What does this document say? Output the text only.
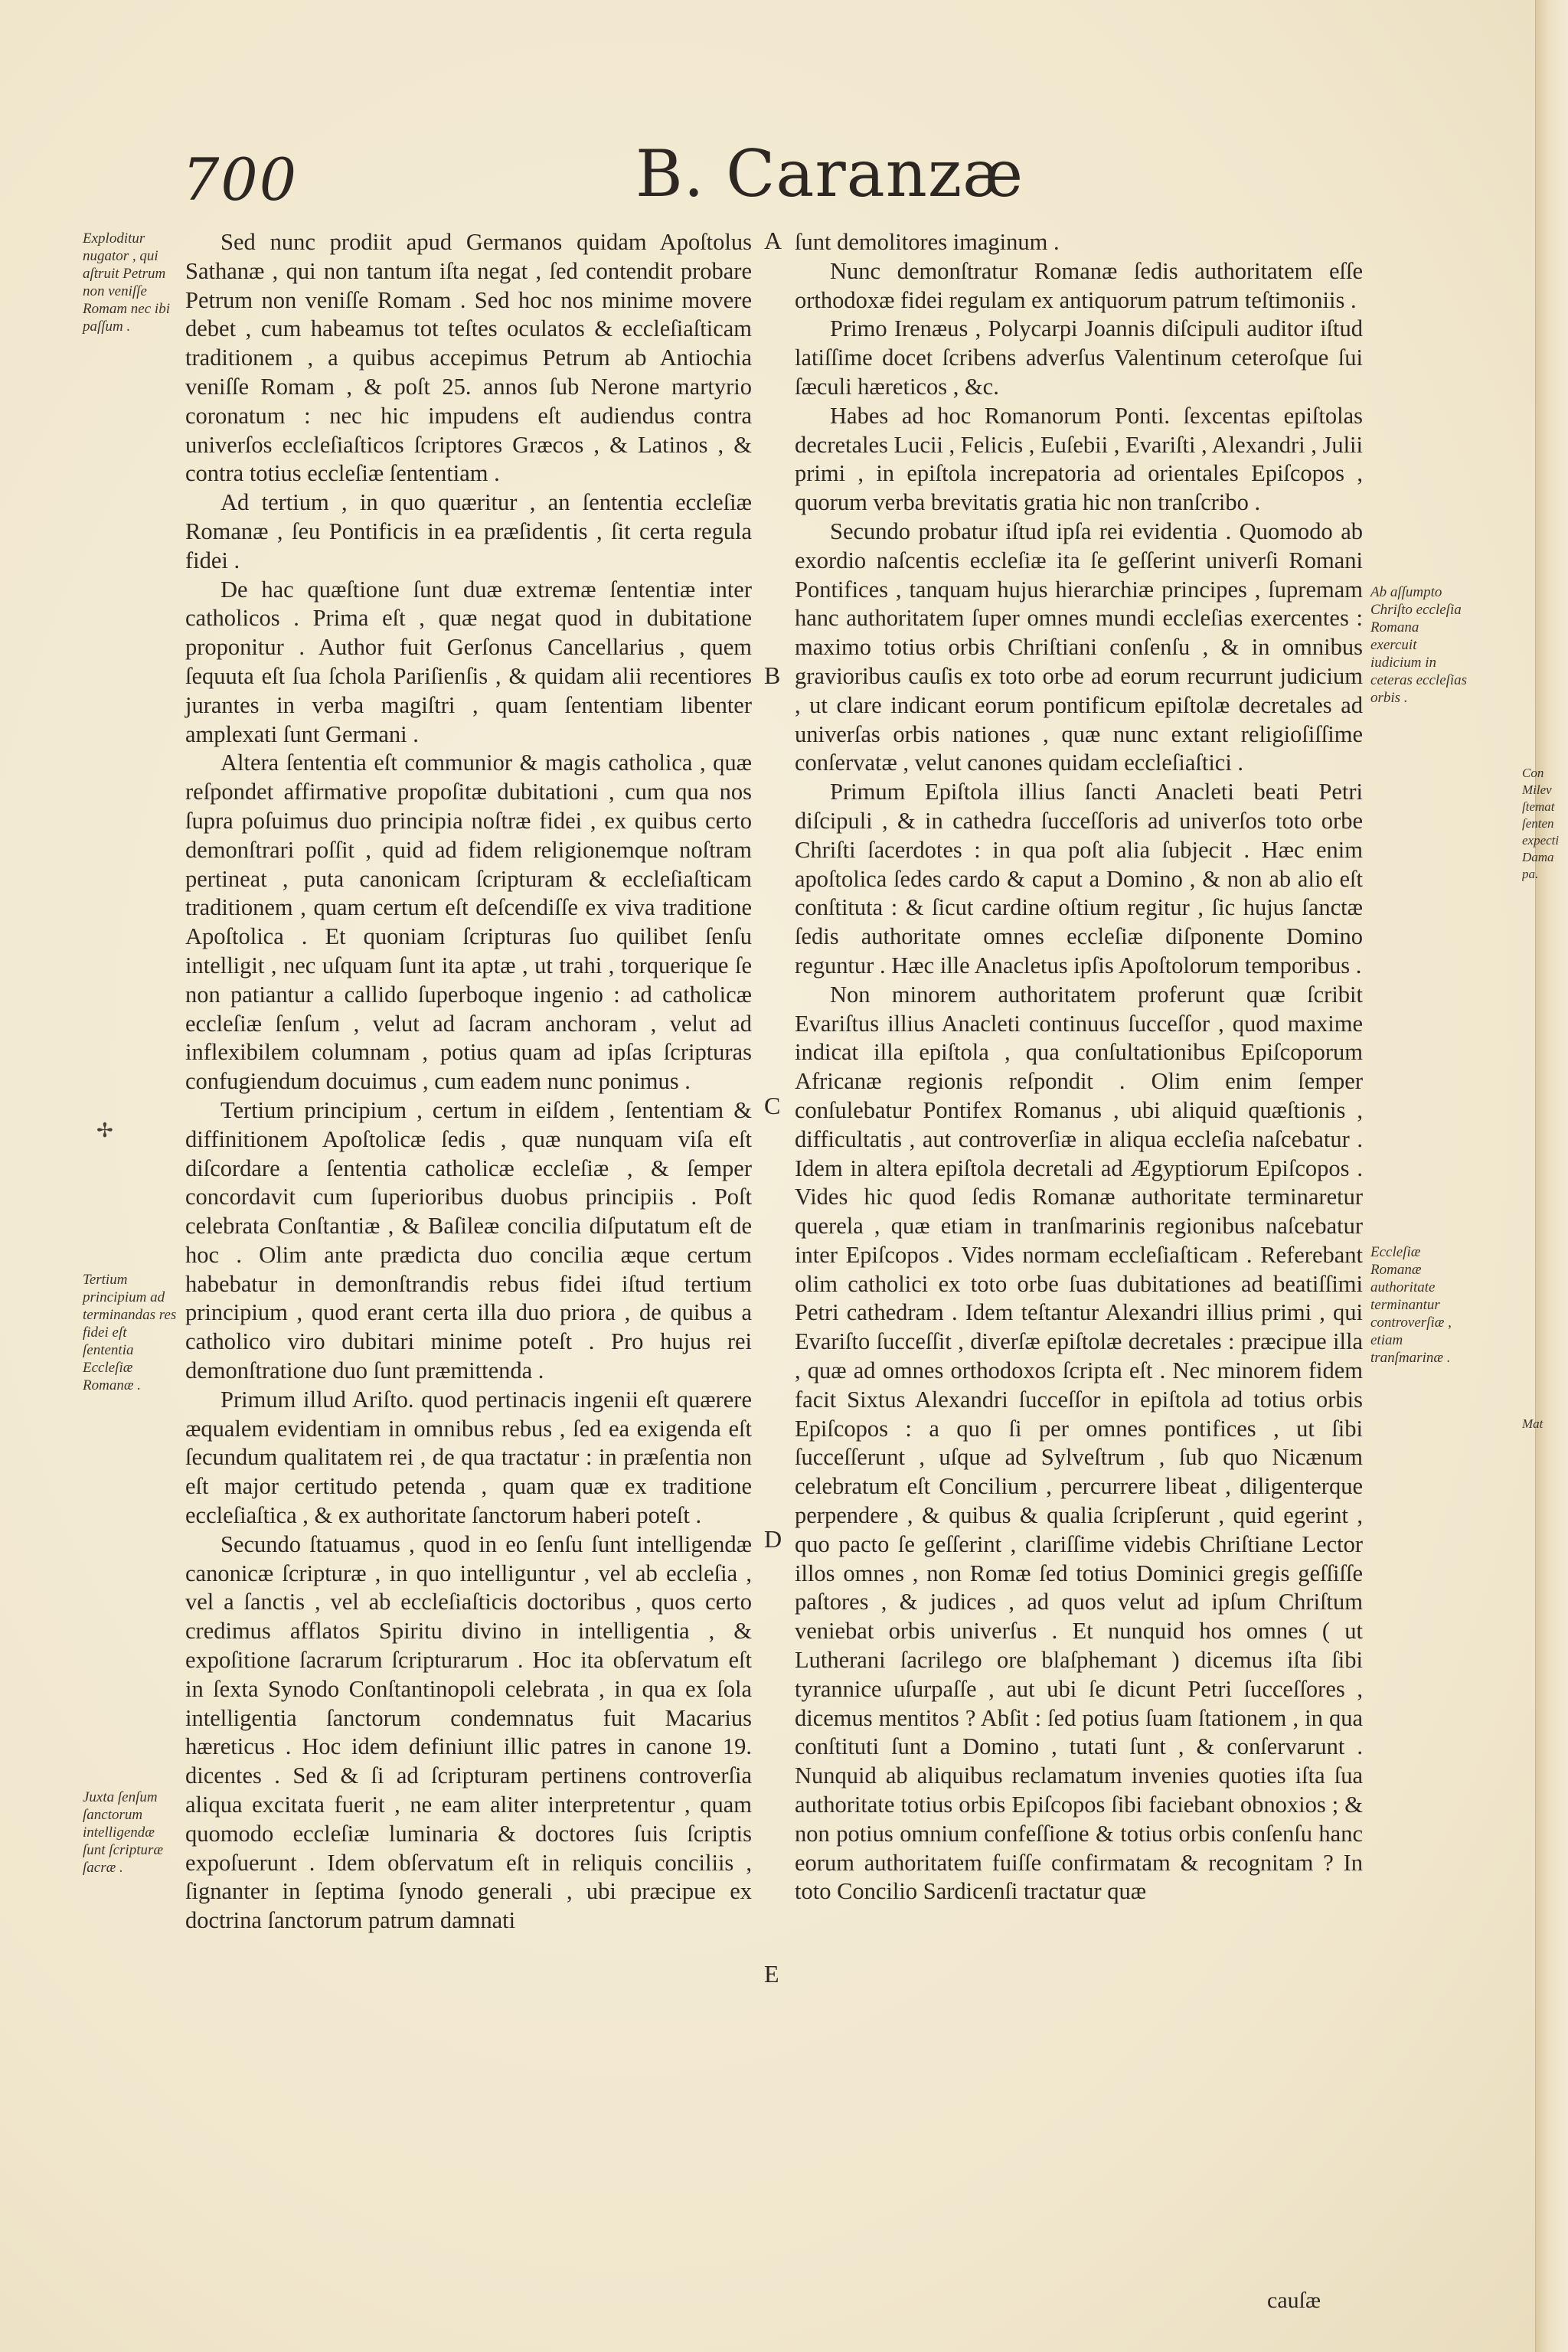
700	B. Caranzæ
Exploditur nugator , qui aſtruit Petrum non veniſſe Romam nec ibi paſſum .
Tertium principium ad terminandas res fidei eſt ſententia Eccleſiæ Romanæ .
Juxta ſenſum ſanctorum intelligendæ ſunt ſcripturæ ſacræ .
✢
A
B
C
D
E

Sed nunc prodiit apud Germanos quidam Apoſtolus Sathanæ , qui non tantum iſta negat , ſed contendit probare Petrum non veniſſe Romam . Sed hoc nos minime movere debet , cum habeamus tot teſtes oculatos & eccleſiaſticam traditionem , a quibus accepimus Petrum ab Antiochia veniſſe Romam , & poſt 25. annos ſub Nerone martyrio coronatum : nec hic impudens eſt audiendus contra univerſos eccleſiaſticos ſcriptores Græcos , & Latinos , & contra totius eccleſiæ ſententiam .

Ad tertium , in quo quæritur , an ſententia eccleſiæ Romanæ , ſeu Pontificis in ea præſidentis , ſit certa regula fidei .

De hac quæſtione ſunt duæ extremæ ſententiæ inter catholicos . Prima eſt , quæ negat quod in dubitatione proponitur . Author fuit Gerſonus Cancellarius , quem ſequuta eſt ſua ſchola Pariſienſis , & quidam alii recentiores jurantes in verba magiſtri , quam ſententiam libenter amplexati ſunt Germani .

Altera ſententia eſt communior & magis catholica , quæ reſpondet affirmative propoſitæ dubitationi , cum qua nos ſupra poſuimus duo principia noſtræ fidei , ex quibus certo demonſtrari poſſit , quid ad fidem religionemque noſtram pertineat , puta canonicam ſcripturam & eccleſiaſticam traditionem , quam certum eſt deſcendiſſe ex viva traditione Apoſtolica . Et quoniam ſcripturas ſuo quilibet ſenſu intelligit , nec uſquam ſunt ita aptæ , ut trahi , torquerique ſe non patiantur a callido ſuperboque ingenio : ad catholicæ eccleſiæ ſenſum , velut ad ſacram anchoram , velut ad inflexibilem columnam , potius quam ad ipſas ſcripturas confugiendum docuimus , cum eadem nunc ponimus .

Tertium principium , certum in eiſdem , ſententiam & diffinitionem Apoſtolicæ ſedis , quæ nunquam viſa eſt diſcordare a ſententia catholicæ eccleſiæ , & ſemper concordavit cum ſuperioribus duobus principiis . Poſt celebrata Conſtantiæ , & Baſileæ concilia diſputatum eſt de hoc . Olim ante prædicta duo concilia æque certum habebatur in demonſtrandis rebus fidei iſtud tertium principium , quod erant certa illa duo priora , de quibus a catholico viro dubitari minime poteſt . Pro hujus rei demonſtratione duo ſunt præmittenda .

Primum illud Ariſto. quod pertinacis ingenii eſt quærere æqualem evidentiam in omnibus rebus , ſed ea exigenda eſt ſecundum qualitatem rei , de qua tractatur : in præſentia non eſt major certitudo petenda , quam quæ ex traditione eccleſiaſtica , & ex authoritate ſanctorum haberi poteſt .

Secundo ſtatuamus , quod in eo ſenſu ſunt intelligendæ canonicæ ſcripturæ , in quo intelliguntur , vel ab eccleſia , vel a ſanctis , vel ab eccleſiaſticis doctoribus , quos certo credimus afflatos Spiritu divino in intelligentia , & expoſitione ſacrarum ſcripturarum . Hoc ita obſervatum eſt in ſexta Synodo Conſtantinopoli celebrata , in qua ex ſola intelligentia ſanctorum condemnatus fuit Macarius hæreticus . Hoc idem definiunt illic patres in canone 19. dicentes . Sed & ſi ad ſcripturam pertinens controverſia aliqua excitata fuerit , ne eam aliter interpretentur , quam quomodo eccleſiæ luminaria & doctores ſuis ſcriptis expoſuerunt . Idem obſervatum eſt in reliquis conciliis , ſignanter in ſeptima ſynodo generali , ubi præcipue ex doctrina ſanctorum patrum damnati

ſunt demolitores imaginum .

Nunc demonſtratur Romanæ ſedis authoritatem eſſe orthodoxæ fidei regulam ex antiquorum patrum teſtimoniis .

Primo Irenæus , Polycarpi Joannis diſcipuli auditor iſtud latiſſime docet ſcribens adverſus Valentinum ceteroſque ſui ſæculi hæreticos , &c.

Habes ad hoc Romanorum Ponti. ſexcentas epiſtolas decretales Lucii , Felicis , Euſebii , Evariſti , Alexandri , Julii primi , in epiſtola increpatoria ad orientales Epiſcopos , quorum verba brevitatis gratia hic non tranſcribo .

Secundo probatur iſtud ipſa rei evidentia . Quomodo ab exordio naſcentis eccleſiæ ita ſe geſſerint univerſi Romani Pontifices , tanquam hujus hierarchiæ principes , ſupremam hanc authoritatem ſuper omnes mundi eccleſias exercentes : maximo totius orbis Chriſtiani conſenſu , & in omnibus gravioribus cauſis ex toto orbe ad eorum recurrunt judicium , ut clare indicant eorum pontificum epiſtolæ decretales ad univerſas orbis nationes , quæ nunc extant religioſiſſime conſervatæ , velut canones quidam eccleſiaſtici .

Primum Epiſtola illius ſancti Anacleti beati Petri diſcipuli , & in cathedra ſucceſſoris ad univerſos toto orbe Chriſti ſacerdotes : in qua poſt alia ſubjecit . Hæc enim apoſtolica ſedes cardo & caput a Domino , & non ab alio eſt conſtituta : & ſicut cardine oſtium regitur , ſic hujus ſanctæ ſedis authoritate omnes eccleſiæ diſponente Domino reguntur . Hæc ille Anacletus ipſis Apoſtolorum temporibus .

Non minorem authoritatem proferunt quæ ſcribit Evariſtus illius Anacleti continuus ſucceſſor , quod maxime indicat illa epiſtola , qua conſultationibus Epiſcoporum Africanæ regionis reſpondit . Olim enim ſemper conſulebatur Pontifex Romanus , ubi aliquid quæſtionis , difficultatis , aut controverſiæ in aliqua eccleſia naſcebatur . Idem in altera epiſtola decretali ad Ægyptiorum Epiſcopos . Vides hic quod ſedis Romanæ authoritate terminaretur querela , quæ etiam in tranſmarinis regionibus naſcebatur inter Epiſcopos . Vides normam eccleſiaſticam . Referebant olim catholici ex toto orbe ſuas dubitationes ad beatiſſimi Petri cathedram . Idem teſtantur Alexandri illius primi , qui Evariſto ſucceſſit , diverſæ epiſtolæ decretales : præcipue illa , quæ ad omnes orthodoxos ſcripta eſt . Nec minorem fidem facit Sixtus Alexandri ſucceſſor in epiſtola ad totius orbis Epiſcopos : a quo ſi per omnes pontifices , ut ſibi ſucceſſerunt , uſque ad Sylveſtrum , ſub quo Nicænum celebratum eſt Concilium , percurrere libeat , diligenterque perpendere , & quibus & qualia ſcripſerunt , quid egerint , quo pacto ſe geſſerint , clariſſime videbis Chriſtiane Lector illos omnes , non Romæ ſed totius Dominici gregis geſſiſſe paſtores , & judices , ad quos velut ad ipſum Chriſtum veniebat orbis univerſus . Et nunquid hos omnes ( ut Lutherani ſacrilego ore blaſphemant ) dicemus iſta ſibi tyrannice uſurpaſſe , aut ubi ſe dicunt Petri ſucceſſores , dicemus mentitos ? Abſit : ſed potius ſuam ſtationem , in qua conſtituti ſunt a Domino , tutati ſunt , & conſervarunt . Nunquid ab aliquibus reclamatum invenies quoties iſta ſua authoritate totius orbis Epiſcopos ſibi faciebant obnoxios ; & non potius omnium confeſſione & totius orbis conſenſu hanc eorum authoritatem fuiſſe confirmatam & recognitam ? In toto Concilio Sardicenſi tractatur quæ

Ab aſſumpto Chriſto eccleſia Romana exercuit iudicium in ceteras eccleſias orbis .
Eccleſiæ Romanæ authoritate terminantur controverſiæ , etiam tranſmarinæ .
Con
Milev
ſtemat
ſenten
expecti
Dama
pa.
Mat
cauſæ
